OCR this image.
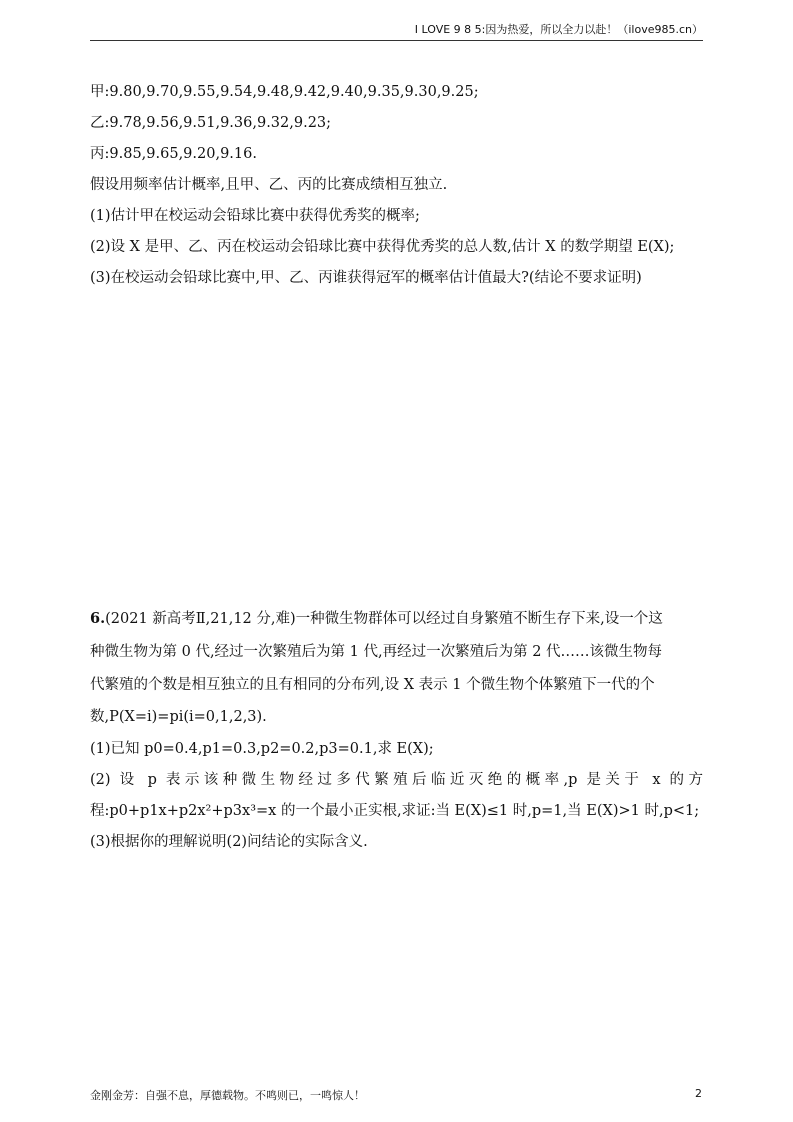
I LOVE 9 8 5:因为热爱，所以全力以赴！（ilove985.cn）
甲:9.80,9.70,9.55,9.54,9.48,9.42,9.40,9.35,9.30,9.25;
乙:9.78,9.56,9.51,9.36,9.32,9.23;
丙:9.85,9.65,9.20,9.16.
假设用频率估计概率,且甲、乙、丙的比赛成绩相互独立.
(1)估计甲在校运动会铅球比赛中获得优秀奖的概率;
(2)设 X 是甲、乙、丙在校运动会铅球比赛中获得优秀奖的总人数,估计 X 的数学期望 E(X);
(3)在校运动会铅球比赛中,甲、乙、丙谁获得冠军的概率估计值最大?(结论不要求证明)
6.(2021 新高考Ⅱ,21,12 分,难)一种微生物群体可以经过自身繁殖不断生存下来,设一个这
种微生物为第 0 代,经过一次繁殖后为第 1 代,再经过一次繁殖后为第 2 代……该微生物每
代繁殖的个数是相互独立的且有相同的分布列,设 X 表示 1 个微生物个体繁殖下一代的个
数,P(X=i)=pi(i=0,1,2,3).
(1)已知 p0=0.4,p1=0.3,p2=0.2,p3=0.1,求 E(X);
(2) 设 p 表示该种微生物经过多代繁殖后临近灭绝的概率,p 是关于 x 的方
程:p0+p1x+p2x²+p3x³=x 的一个最小正实根,求证:当 E(X)≤1 时,p=1,当 E(X)>1 时,p<1;
(3)根据你的理解说明(2)问结论的实际含义.
金刚金芳：自强不息，厚德载物。不鸣则已，一鸣惊人！	2
